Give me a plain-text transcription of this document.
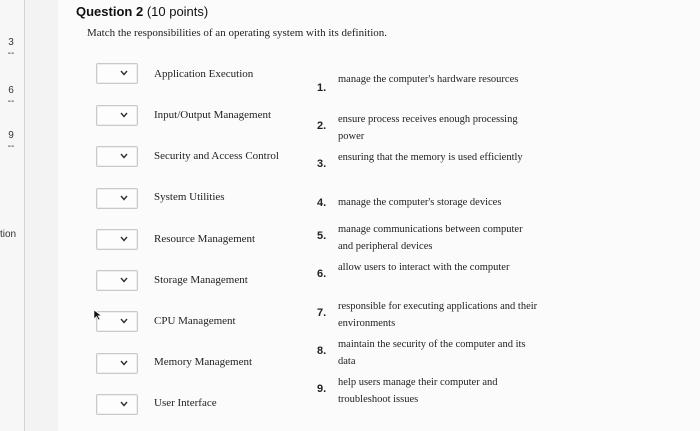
3
--
6
--
9
--
tion
Question 2 (10 points)
Match the responsibilities of an operating system with its definition.
Application Execution
Input/Output Management
Security and Access Control
System Utilities
Resource Management
Storage Management
CPU Management
Memory Management
User Interface
1.
manage the computer's hardware resources
2.
ensure process receives enough processing power
3.
ensuring that the memory is used efficiently
4. manage the computer's storage devices
5.
manage communications between computer and peripheral devices
6.
allow users to interact with the computer
7.
responsible for executing applications and their environments
8.
maintain the security of the computer and its data
9.
help users manage their computer and troubleshoot issues
